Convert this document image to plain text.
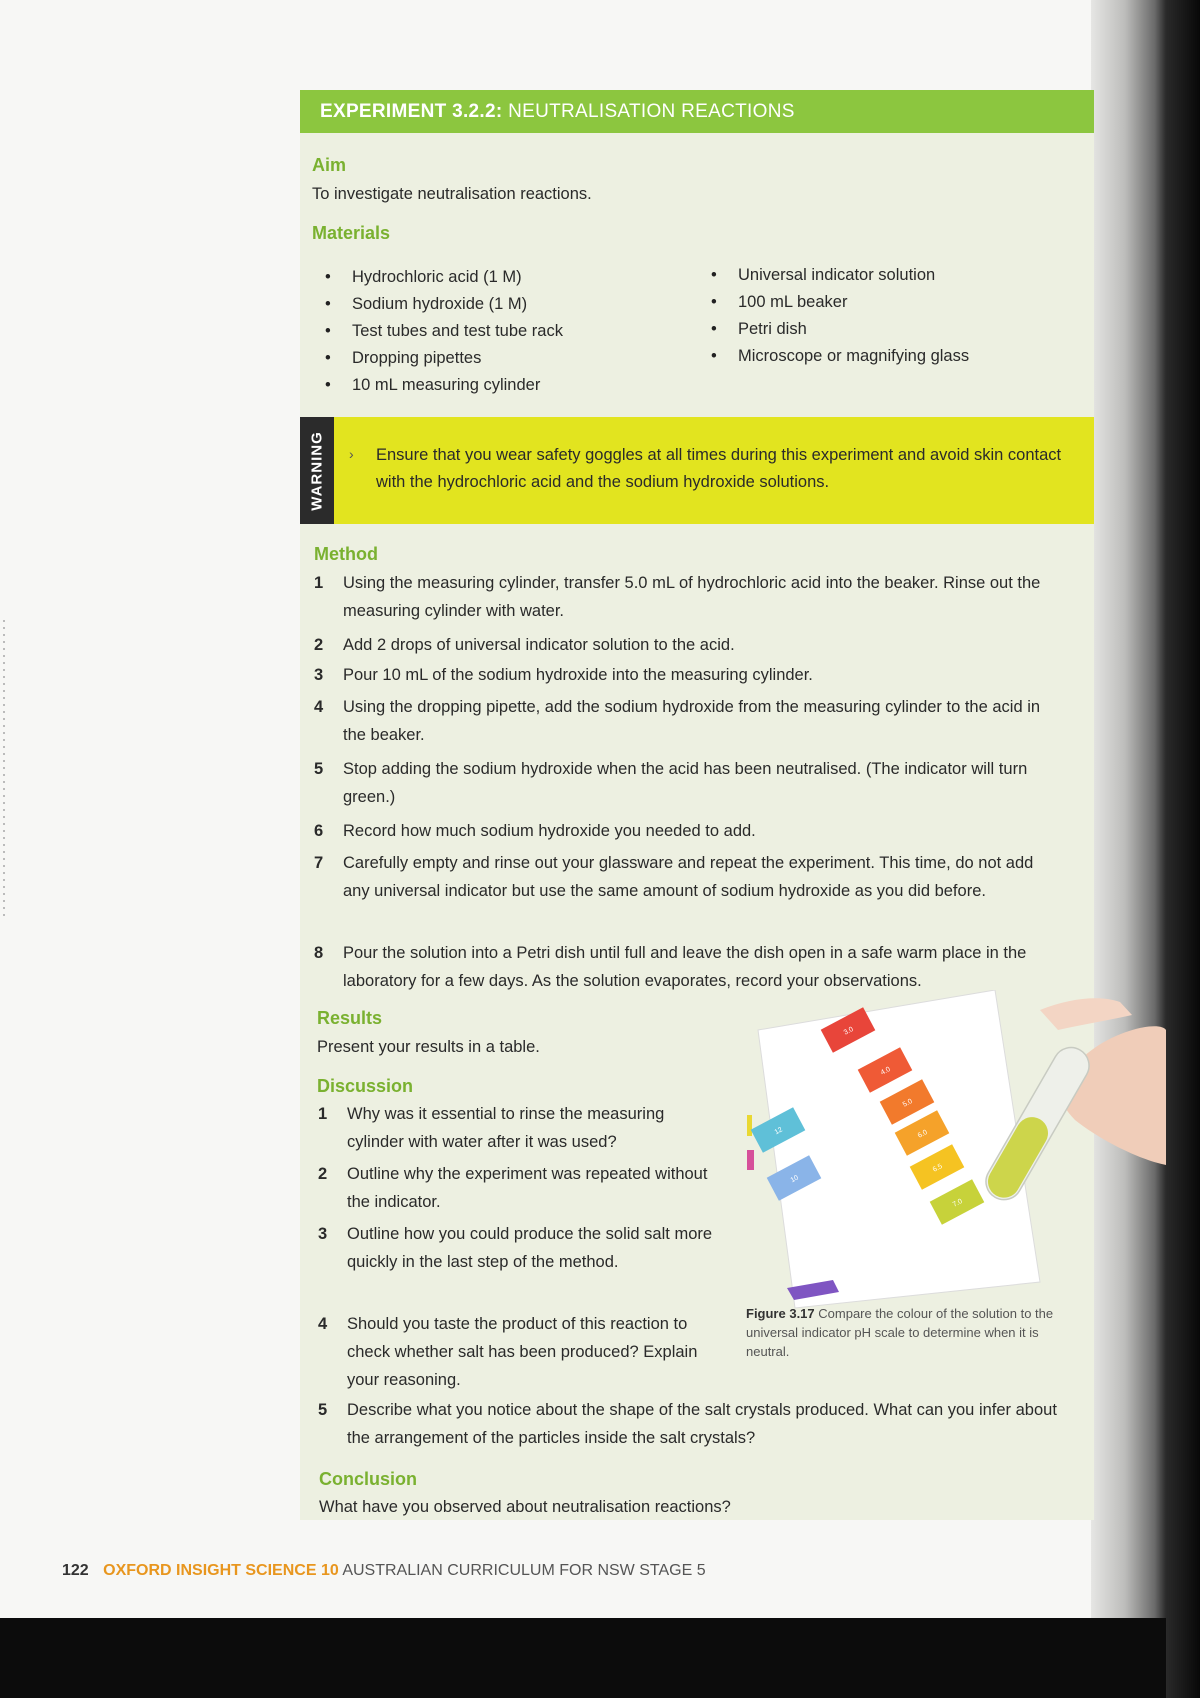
EXPERIMENT 3.2.2: NEUTRALISATION REACTIONS
Aim
To investigate neutralisation reactions.
Materials
• Hydrochloric acid (1 M)
• Sodium hydroxide (1 M)
• Test tubes and test tube rack
• Dropping pipettes
• 10 mL measuring cylinder
• Universal indicator solution
• 100 mL beaker
• Petri dish
• Microscope or magnifying glass
WARNING › Ensure that you wear safety goggles at all times during this experiment and avoid skin contact with the hydrochloric acid and the sodium hydroxide solutions.
Method
1	Using the measuring cylinder, transfer 5.0 mL of hydrochloric acid into the beaker. Rinse out the measuring cylinder with water.
2	Add 2 drops of universal indicator solution to the acid.
3	Pour 10 mL of the sodium hydroxide into the measuring cylinder.
4	Using the dropping pipette, add the sodium hydroxide from the measuring cylinder to the acid in the beaker.
5	Stop adding the sodium hydroxide when the acid has been neutralised. (The indicator will turn green.)
6	Record how much sodium hydroxide you needed to add.
7	Carefully empty and rinse out your glassware and repeat the experiment. This time, do not add any universal indicator but use the same amount of sodium hydroxide as you did before.
8	Pour the solution into a Petri dish until full and leave the dish open in a safe warm place in the laboratory for a few days. As the solution evaporates, record your observations.
Results
Present your results in a table.
Discussion
1 Why was it essential to rinse the measuring cylinder with water after it was used?
2 Outline why the experiment was repeated without the indicator.
3 Outline how you could produce the solid salt more quickly in the last step of the method.
4 Should you taste the product of this reaction to check whether salt has been produced? Explain your reasoning.
5 Describe what you notice about the shape of the salt crystals produced. What can you infer about the arrangement of the particles inside the salt crystals?
3.0
4.0
5.0
6.0
6.5
7.0
12
10
Figure 3.17 Compare the colour of the solution to the universal indicator pH scale to determine when it is neutral.
Conclusion
What have you observed about neutralisation reactions?
122 OXFORD INSIGHT SCIENCE 10 AUSTRALIAN CURRICULUM FOR NSW STAGE 5
